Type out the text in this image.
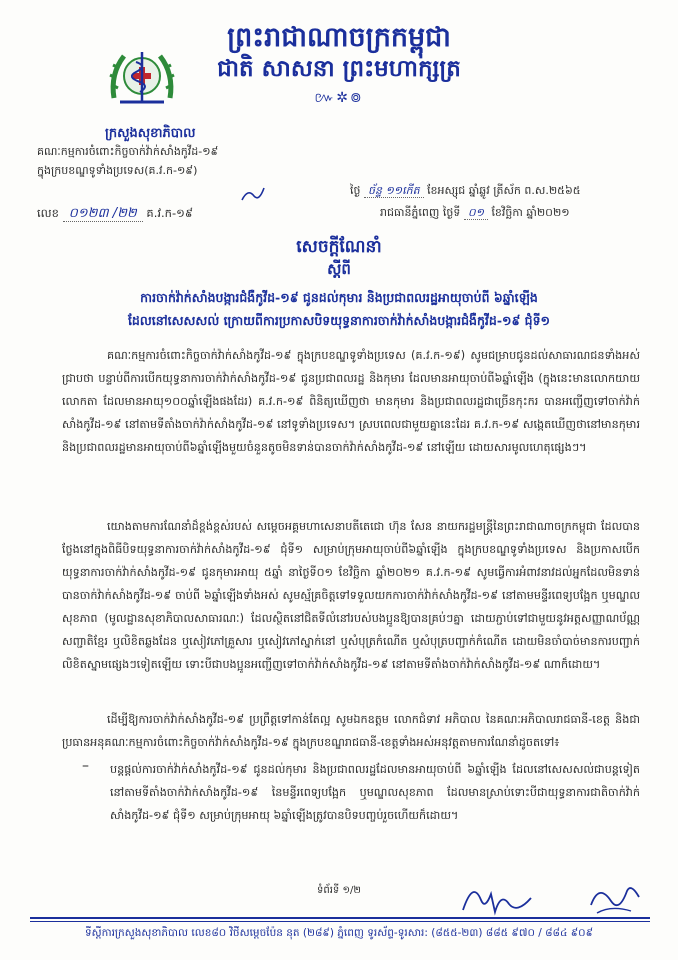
ព្រះរាជាណាចក្រកម្ពុជា
ជាតិ សាសនា ព្រះមហាក្សត្រ
៚✲៙
ក្រសួងសុខាភិបាល
គណៈកម្មការចំពោះកិច្ចចាក់វ៉ាក់សាំងកូវីដ-១៩
ក្នុងក្របខណ្ឌទូទាំងប្រទេស(គ.វ.ក-១៩)
លេខ ០១២៣ /២២ គ.វ.ក-១៩
ថ្ងៃ ច័ន្ទ ១១កើត ខែអស្សុជ ឆ្នាំឆ្លូវ ត្រីស័ក ព.ស.២៥៦៥
រាជធានីភ្នំពេញ ថ្ងៃទី ០១ ខែវិច្ឆិកា ឆ្នាំ២០២១
សេចក្តីណែនាំ
ស្តីពី
ការចាក់វ៉ាក់សាំងបង្ការជំងឺកូវីដ-១៩ ជូនដល់កុមារ និងប្រជាពលរដ្ឋអាយុចាប់ពី ៦ឆ្នាំឡើង
ដែលនៅសេសសល់ ក្រោយពីការប្រកាសបិទយុទ្ធនាការចាក់វ៉ាក់សាំងបង្ការជំងឺកូវីដ-១៩ ជុំទី១
គណៈកម្មការចំពោះកិច្ចចាក់វ៉ាក់សាំងកូវីដ-១៩ ក្នុងក្របខណ្ឌទូទាំងប្រទេស (គ.វ.ក-១៩) សូមជម្រាបជូនដល់សាធារណជនទាំងអស់ជ្រាបថា បន្ទាប់ពីការបើកយុទ្ធនាការចាក់វ៉ាក់សាំងកូវីដ-១៩ ជូនប្រជាពលរដ្ឋ និងកុមារ ដែលមានអាយុចាប់ពី៦ឆ្នាំឡើង (ក្នុងនេះមានលោកយាយ លោកតា ដែលមានអាយុ១០០ឆ្នាំឡើងផងដែរ) គ.វ.ក-១៩ ពិនិត្យឃើញថា មានកុមារ និងប្រជាពលរដ្ឋជាច្រើនកុះករ បានអញ្ជើញទៅចាក់វ៉ាក់សាំងកូវីដ-១៩ នៅតាមទីតាំងចាក់វ៉ាក់សាំងកូវីដ-១៩ នៅទូទាំងប្រទេស។ ស្របពេលជាមួយគ្នានេះដែរ គ.វ.ក-១៩ សង្កេតឃើញថានៅមានកុមារ និងប្រជាពលរដ្ឋមានអាយុចាប់ពី៦ឆ្នាំឡើងមួយចំនួនតូចមិនទាន់បានចាក់វ៉ាក់សាំងកូវីដ-១៩ នៅឡើយ ដោយសារមូលហេតុផ្សេងៗ។
យោងតាមការណែនាំដ៏ខ្ពង់ខ្ពស់របស់ សម្តេចអគ្គមហាសេនាបតីតេជោ ហ៊ុន សែន នាយករដ្ឋមន្ត្រីនៃព្រះរាជាណាចក្រកម្ពុជា ដែលបានថ្លែងនៅក្នុងពិធីបិទយុទ្ធនាការចាក់វ៉ាក់សាំងកូវីដ-១៩ ជុំទី១ សម្រាប់ក្រុមអាយុចាប់ពី៦ឆ្នាំឡើង ក្នុងក្របខណ្ឌទូទាំងប្រទេស និងប្រកាសបើកយុទ្ធនាការចាក់វ៉ាក់សាំងកូវីដ-១៩ ជូនកុមារអាយុ ៥ឆ្នាំ នាថ្ងៃទី០១ ខែវិច្ឆិកា ឆ្នាំ២០២១ គ.វ.ក-១៩ សូមធ្វើការអំពាវនាវដល់អ្នកដែលមិនទាន់បានចាក់វ៉ាក់សាំងកូវីដ-១៩ ចាប់ពី ៦ឆ្នាំឡើងទាំងអស់ សូមស្ម័គ្រចិត្តទៅទទួលយកការចាក់វ៉ាក់សាំងកូវីដ-១៩ នៅតាមមន្ទីរពេទ្យបង្អែក ឬមណ្ឌលសុខភាព (មូលដ្ឋានសុខាភិបាលសាធារណៈ) ដែលស្ថិតនៅជិតទីលំនៅរបស់បងប្អូនឱ្យបានគ្រប់ៗគ្នា ដោយភ្ជាប់ទៅជាមួយនូវអត្តសញ្ញាណប័ណ្ណសញ្ជាតិខ្មែរ ឬលិខិតឆ្លងដែន ឬសៀវភៅគ្រួសារ ឬសៀវភៅស្នាក់នៅ ឬសំបុត្រកំណើត ឬសំបុត្របញ្ជាក់កំណើត ដោយមិនចាំបាច់មានការបញ្ជាក់លិខិតស្នាមផ្សេងៗទៀតឡើយ ទោះបីជាបងប្អូនអញ្ជើញទៅចាក់វ៉ាក់សាំងកូវីដ-១៩ នៅតាមទីតាំងចាក់វ៉ាក់សាំងកូវីដ-១៩ ណាក៏ដោយ។
ដើម្បីឱ្យការចាក់វ៉ាក់សាំងកូវីដ-១៩ ប្រព្រឹត្តទៅកាន់តែល្អ សូមឯកឧត្តម លោកជំទាវ អភិបាល នៃគណៈអភិបាលរាជធានី-ខេត្ត និងជាប្រធានអនុគណៈកម្មការចំពោះកិច្ចចាក់វ៉ាក់សាំងកូវីដ-១៩ ក្នុងក្របខណ្ឌរាជធានី-ខេត្តទាំងអស់អនុវត្តតាមការណែនាំដូចតទៅ៖
– បន្តផ្តល់ការចាក់វ៉ាក់សាំងកូវីដ-១៩ ជូនដល់កុមារ និងប្រជាពលរដ្ឋដែលមានអាយុចាប់ពី ៦ឆ្នាំឡើង ដែលនៅសេសសល់ជាបន្តទៀត នៅតាមទីតាំងចាក់វ៉ាក់សាំងកូវីដ-១៩ នៃមន្ទីរពេទ្យបង្អែក ឬមណ្ឌលសុខភាព ដែលមានស្រាប់ទោះបីជាយុទ្ធនាការជាតិចាក់វ៉ាក់សាំងកូវីដ-១៩ ជុំទី១ សម្រាប់ក្រុមអាយុ ៦ឆ្នាំឡើងត្រូវបានបិទបញ្ចប់រួចហើយក៏ដោយ។
ទំព័រទី ១/២
ទីស្តីការក្រសួងសុខាភិបាល លេខ៨០ វិថីសម្តេចប៉ែន នុត (២៨៩) ភ្នំពេញ ទូរស័ព្ទ-ទូរសារ: (៨៥៥-២៣) ៨៨៥ ៩៧០ / ៨៨៤ ៩០៩
